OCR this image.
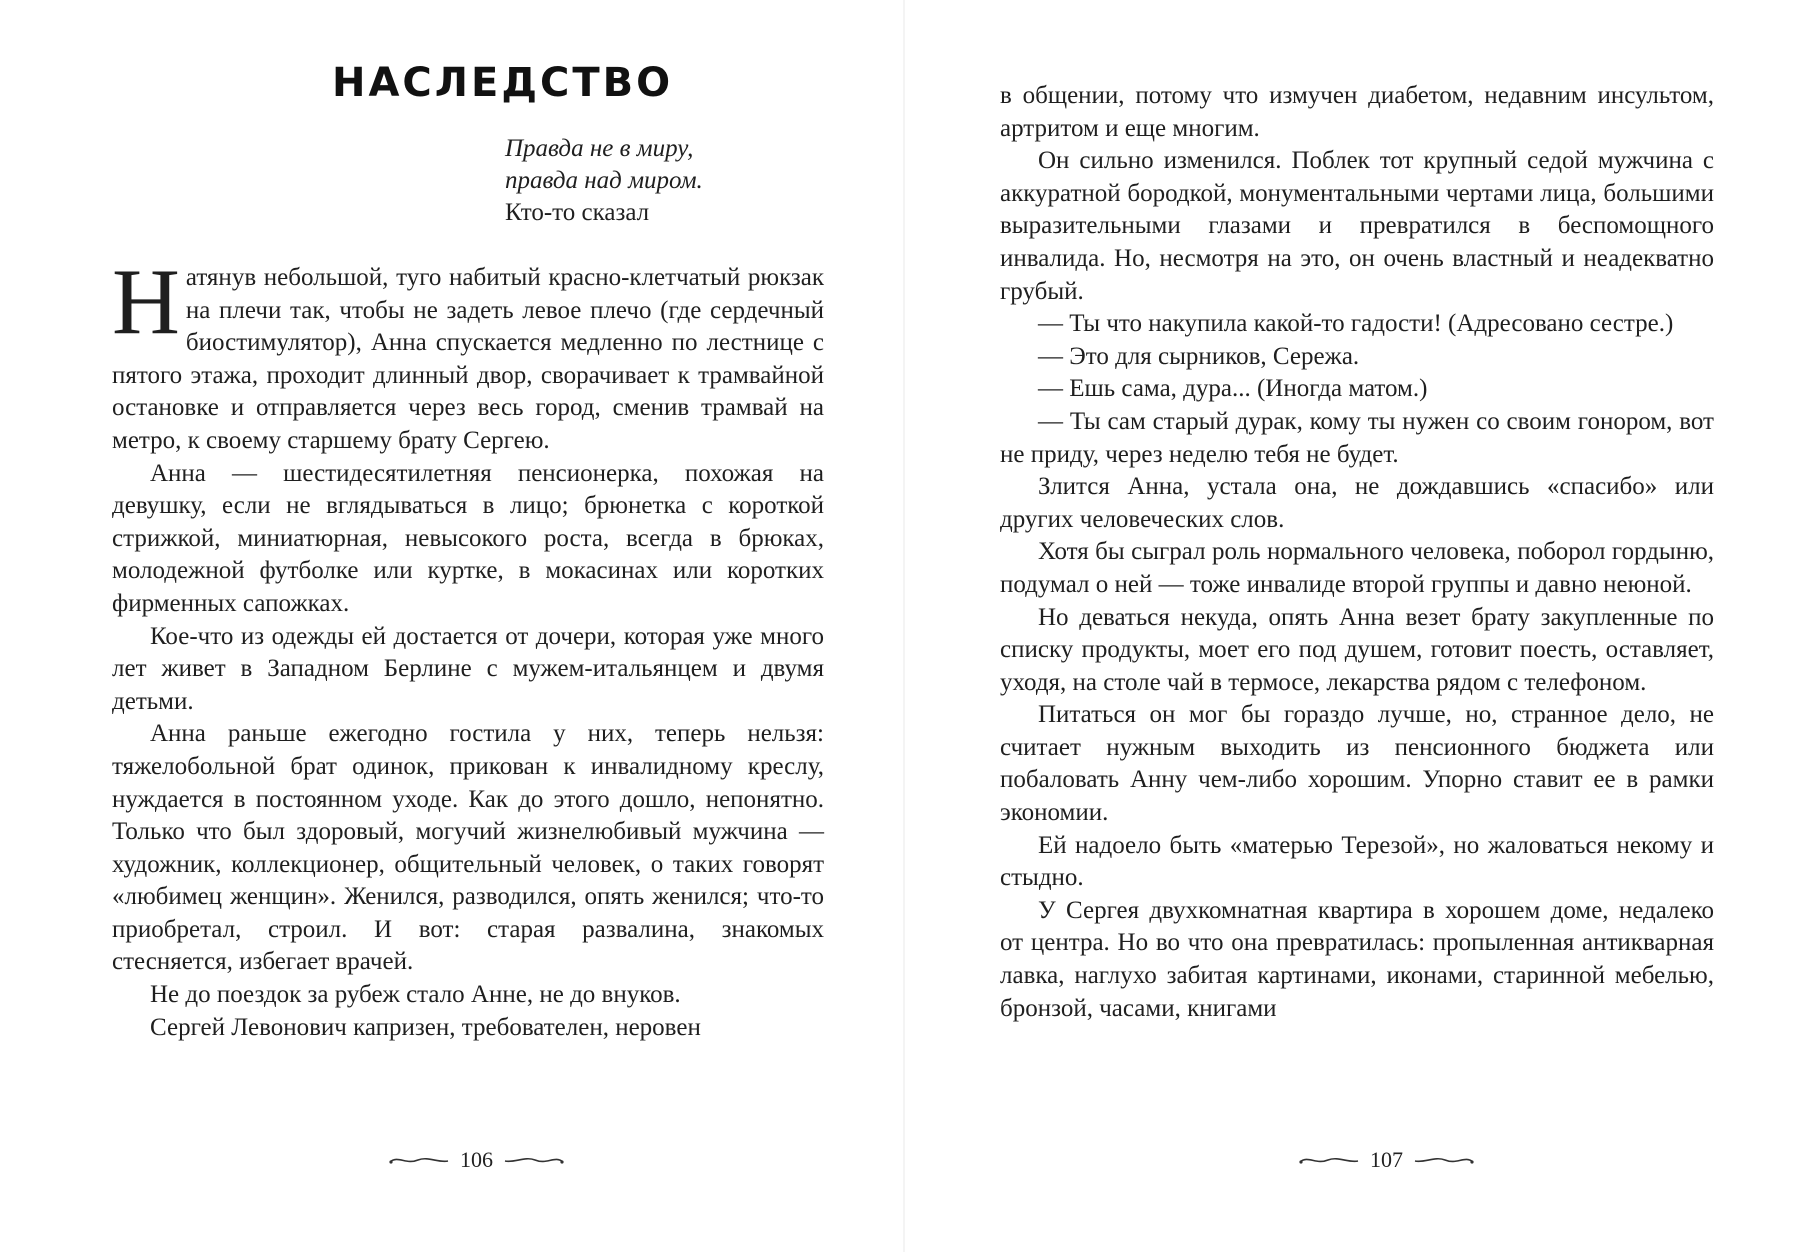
НАСЛЕДСТВО
Правда не в миру,
правда над миром.
Кто-то сказал

Натянув небольшой, туго набитый красно-клетчатый рюкзак на плечи так, чтобы не задеть левое плечо (где сердечный биостимулятор), Анна спускается медленно по лестнице с пятого этажа, проходит длинный двор, сворачивает к трамвайной остановке и отправляется через весь город, сменив трамвай на метро, к своему старшему брату Сергею.

Анна — шестидесятилетняя пенсионерка, похожая на девушку, если не вглядываться в лицо; брюнетка с короткой стрижкой, миниатюрная, невысокого роста, всегда в брюках, молодежной футболке или куртке, в мокасинах или коротких фирменных сапожках.

Кое-что из одежды ей достается от дочери, которая уже много лет живет в Западном Берлине с мужем-итальянцем и двумя детьми.

Анна раньше ежегодно гостила у них, теперь нельзя: тяжелобольной брат одинок, прикован к инвалидному креслу, нуждается в постоянном уходе. Как до этого дошло, непонятно. Только что был здоровый, могучий жизнелюбивый мужчина — художник, коллекционер, общительный человек, о таких говорят «любимец женщин». Женился, разводился, опять женился; что-то приобретал, строил. И вот: старая развалина, знакомых стесняется, избегает врачей.

Не до поездок за рубеж стало Анне, не до внуков.

Сергей Левонович капризен, требователен, неровен

106

в общении, потому что измучен диабетом, недавним инсультом, артритом и еще многим.

Он сильно изменился. Поблек тот крупный седой мужчина с аккуратной бородкой, монументальными чертами лица, большими выразительными глазами и превратился в беспомощного инвалида. Но, несмотря на это, он очень властный и неадекватно грубый.

— Ты что накупила какой-то гадости! (Адресовано сестре.)

— Это для сырников, Сережа.

— Ешь сама, дура... (Иногда матом.)

— Ты сам старый дурак, кому ты нужен со своим гонором, вот не приду, через неделю тебя не будет.

Злится Анна, устала она, не дождавшись «спасибо» или других человеческих слов.

Хотя бы сыграл роль нормального человека, поборол гордыню, подумал о ней — тоже инвалиде второй группы и давно неюной.

Но деваться некуда, опять Анна везет брату закупленные по списку продукты, моет его под душем, готовит поесть, оставляет, уходя, на столе чай в термосе, лекарства рядом с телефоном.

Питаться он мог бы гораздо лучше, но, странное дело, не считает нужным выходить из пенсионного бюджета или побаловать Анну чем-либо хорошим. Упорно ставит ее в рамки экономии.

Ей надоело быть «матерью Терезой», но жаловаться некому и стыдно.

У Сергея двухкомнатная квартира в хорошем доме, недалеко от центра. Но во что она превратилась: пропыленная антикварная лавка, наглухо забитая картинами, иконами, старинной мебелью, бронзой, часами, книгами

107
